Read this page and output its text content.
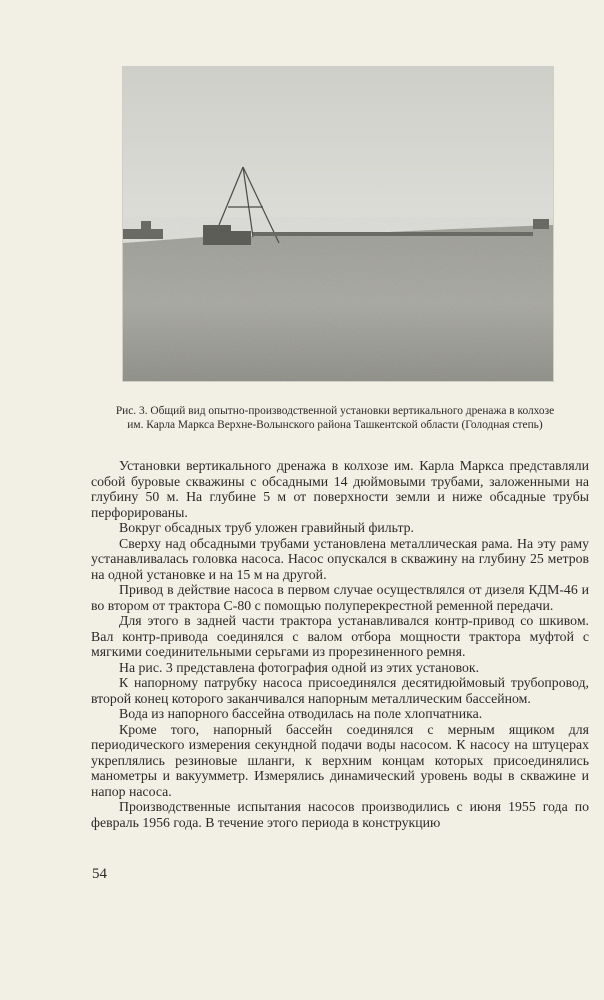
Рис. 3. Общий вид опытно-производственной установки вертикального дренажа в колхозе им. Карла Маркса Верхне-Волынского района Ташкентской области (Голодная степь)

Установки вертикального дренажа в колхозе им. Карла Маркса представляли собой буровые скважины с обсадными 14 дюймовыми трубами, заложенными на глубину 50 м. На глубине 5 м от поверхности земли и ниже обсадные трубы перфорированы.

Вокруг обсадных труб уложен гравийный фильтр.

Сверху над обсадными трубами установлена металлическая рама. На эту раму устанавливалась головка насоса. Насос опускался в скважину на глубину 25 метров на одной установке и на 15 м на другой.

Привод в действие насоса в первом случае осуществлялся от дизеля КДМ-46 и во втором от трактора С-80 с помощью полуперекрестной ременной передачи.

Для этого в задней части трактора устанавливался контр-привод со шкивом. Вал контр-привода соединялся с валом отбора мощности трактора муфтой с мягкими соединительными серьгами из прорезиненного ремня.

На рис. 3 представлена фотография одной из этих установок.

К напорному патрубку насоса присоединялся десятидюймовый трубопровод, второй конец которого заканчивался напорным металлическим бассейном.

Вода из напорного бассейна отводилась на поле хлопчатника.

Кроме того, напорный бассейн соединялся с мерным ящиком для периодического измерения секундной подачи воды насосом. К насосу на штуцерах укреплялись резиновые шланги, к верхним концам которых присоединялись манометры и вакуумметр. Измерялись динамический уровень воды в скважине и напор насоса.

Производственные испытания насосов производились с июня 1955 года по февраль 1956 года. В течение этого периода в конструкцию

54
